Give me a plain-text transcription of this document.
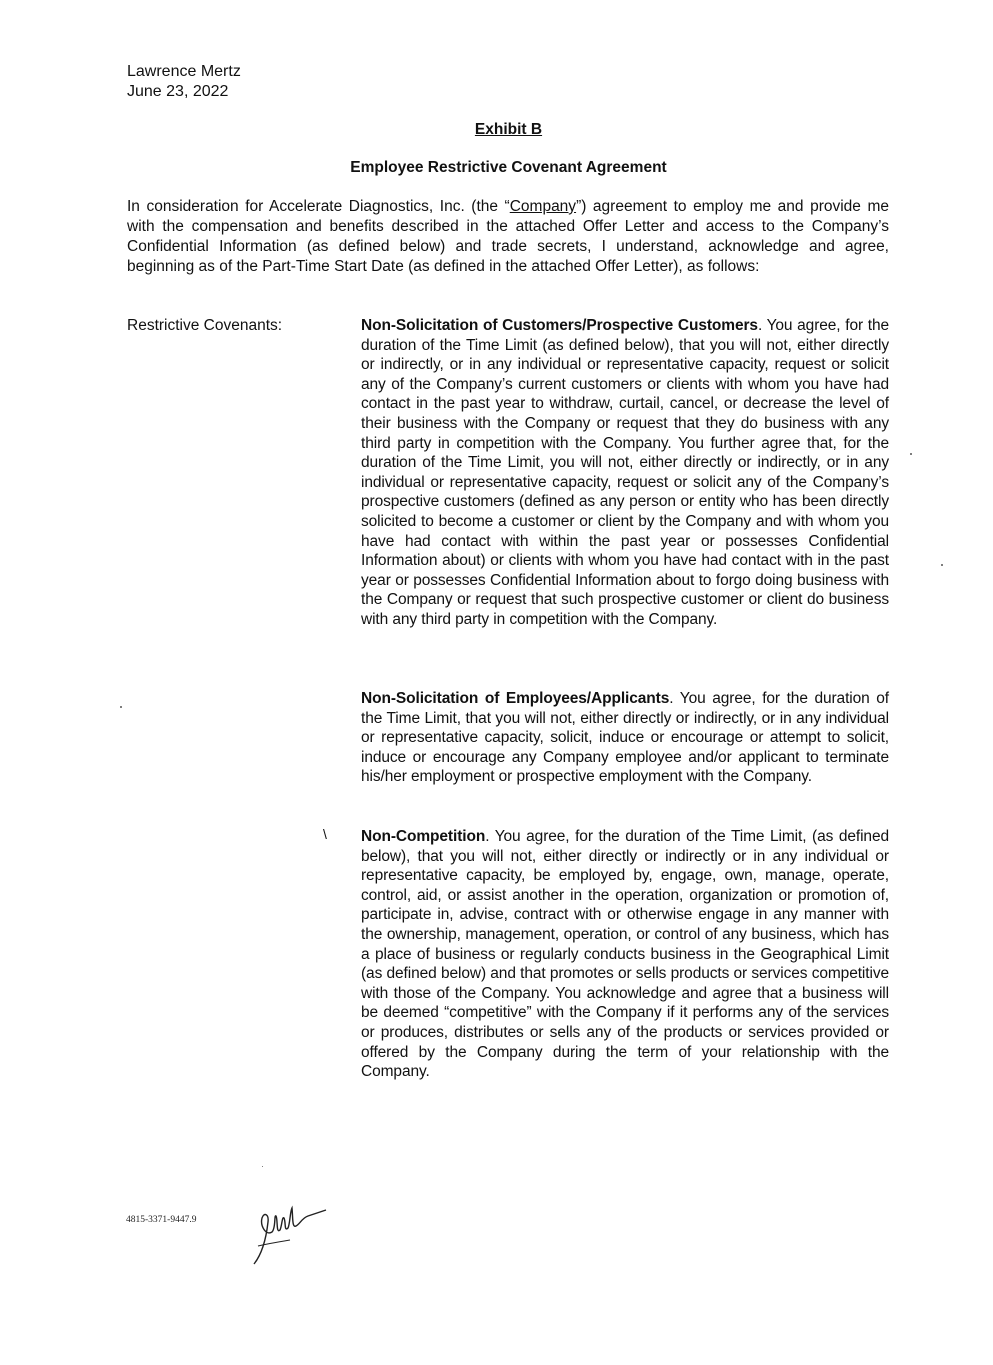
Lawrence Mertz
June 23, 2022
Exhibit B
Employee Restrictive Covenant Agreement
In consideration for Accelerate Diagnostics, Inc. (the “Company”) agreement to employ me and provide me with the compensation and benefits described in the attached Offer Letter and access to the Company’s Confidential Information (as defined below) and trade secrets, I understand, acknowledge and agree, beginning as of the Part-Time Start Date (as defined in the attached Offer Letter), as follows:
Restrictive Covenants:	Non-Solicitation of Customers/Prospective Customers. You agree, for the duration of the Time Limit (as defined below), that you will not, either directly or indirectly, or in any individual or representative capacity, request or solicit any of the Company’s current customers or clients with whom you have had contact in the past year to withdraw, curtail, cancel, or decrease the level of their business with the Company or request that they do business with any third party in competition with the Company. You further agree that, for the duration of the Time Limit, you will not, either directly or indirectly, or in any individual or representative capacity, request or solicit any of the Company’s prospective customers (defined as any person or entity who has been directly solicited to become a customer or client by the Company and with whom you have had contact with within the past year or possesses Confidential Information about) or clients with whom you have had contact with in the past year or possesses Confidential Information about to forgo doing business with the Company or request that such prospective customer or client do business with any third party in competition with the Company.
Non-Solicitation of Employees/Applicants. You agree, for the duration of the Time Limit, that you will not, either directly or indirectly, or in any individual or representative capacity, solicit, induce or encourage or attempt to solicit, induce or encourage any Company employee and/or applicant to terminate his/her employment or prospective employment with the Company.
\ Non-Competition. You agree, for the duration of the Time Limit, (as defined below), that you will not, either directly or indirectly or in any individual or representative capacity, be employed by, engage, own, manage, operate, control, aid, or assist another in the operation, organization or promotion of, participate in, advise, contract with or otherwise engage in any manner with the ownership, management, operation, or control of any business, which has a place of business or regularly conducts business in the Geographical Limit (as defined below) and that promotes or sells products or services competitive with those of the Company. You acknowledge and agree that a business will be deemed “competitive” with the Company if it performs any of the services or produces, distributes or sells any of the products or services provided or offered by the Company during the term of your relationship with the Company.
4815-3371-9447.9
